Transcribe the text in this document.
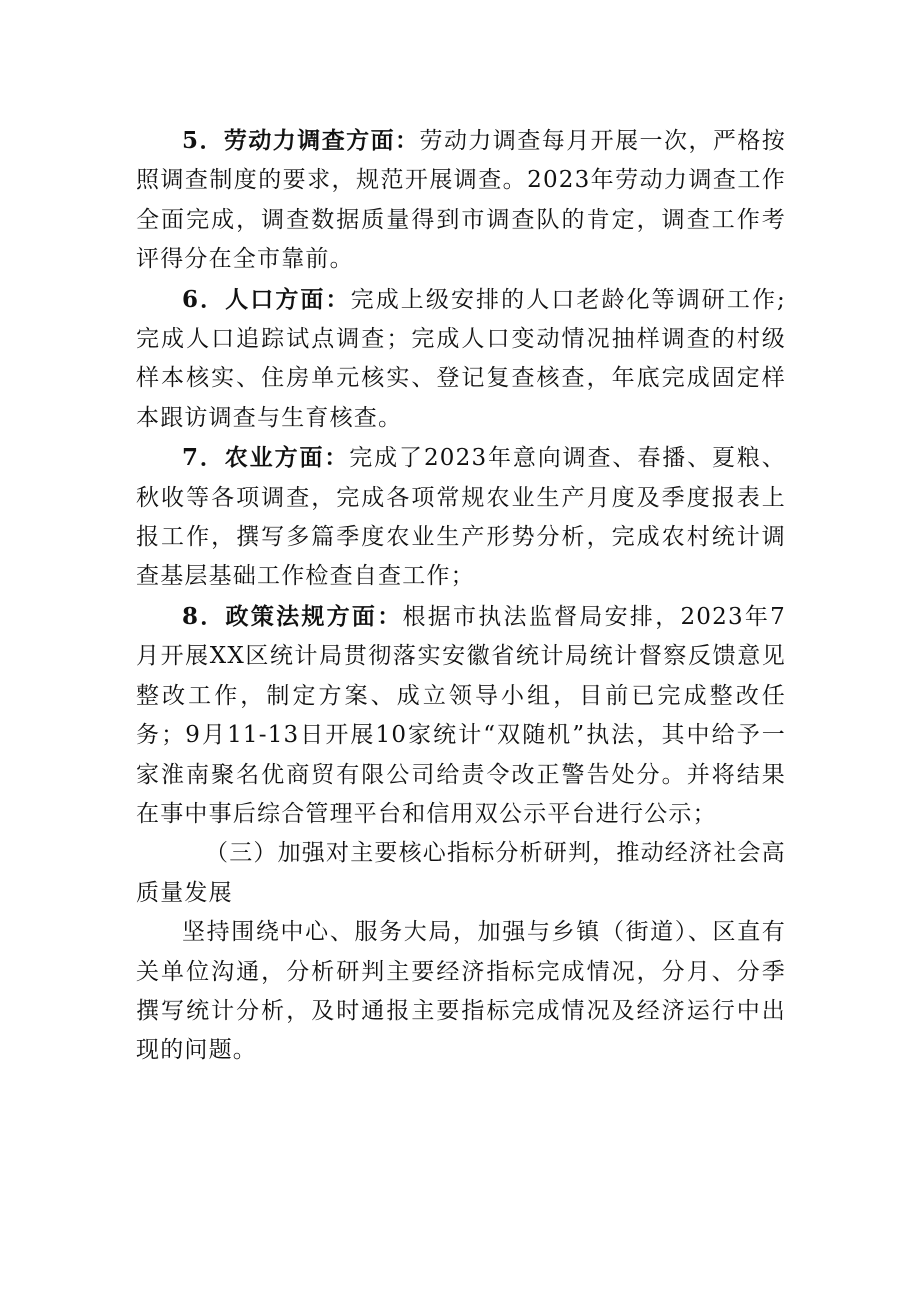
5．劳动力调查方面：劳动力调查每月开展一次，严格按照调查制度的要求，规范开展调查。2023年劳动力调查工作全面完成，调查数据质量得到市调查队的肯定，调查工作考评得分在全市靠前。

6．人口方面：完成上级安排的人口老龄化等调研工作;完成人口追踪试点调查；完成人口变动情况抽样调查的村级样本核实、住房单元核实、登记复查核查，年底完成固定样本跟访调查与生育核查。

7．农业方面：完成了2023年意向调查、春播、夏粮、秋收等各项调查，完成各项常规农业生产月度及季度报表上报工作，撰写多篇季度农业生产形势分析，完成农村统计调查基层基础工作检查自查工作；

8．政策法规方面：根据市执法监督局安排，2023年7月开展XX区统计局贯彻落实安徽省统计局统计督察反馈意见整改工作，制定方案、成立领导小组，目前已完成整改任务；9月11-13日开展10家统计“双随机”执法，其中给予一家淮南聚名优商贸有限公司给责令改正警告处分。并将结果在事中事后综合管理平台和信用双公示平台进行公示；

（三）加强对主要核心指标分析研判，推动经济社会高质量发展

坚持围绕中心、服务大局，加强与乡镇（街道）、区直有关单位沟通，分析研判主要经济指标完成情况，分月、分季撰写统计分析，及时通报主要指标完成情况及经济运行中出现的问题。
